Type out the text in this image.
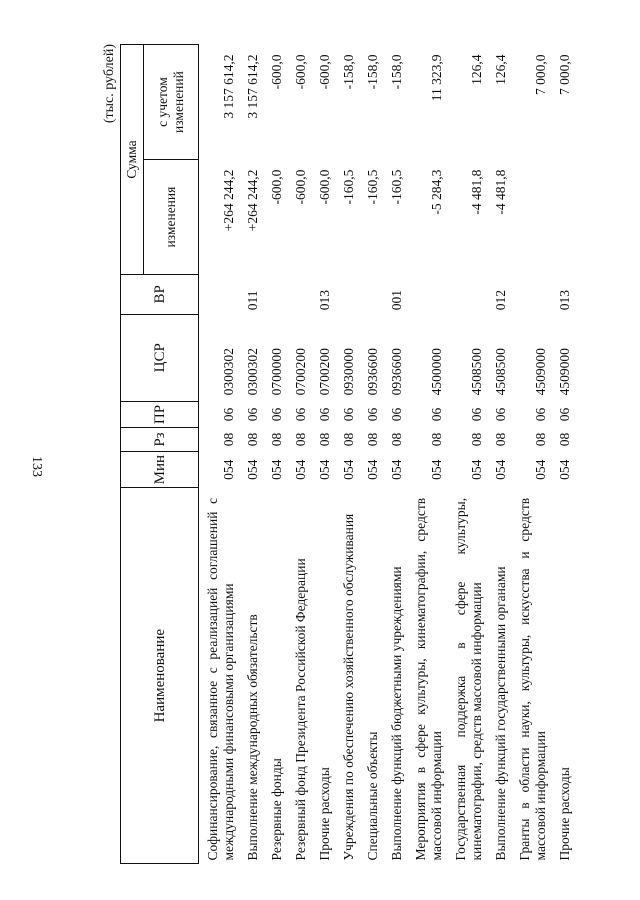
133
(тыс. рублей)
Наименование	Мин	Рз	ПР	ЦСР	ВР	Сумма	
						изменения	с учетом изменений
Софинансирование, связанное с реализацией соглашений с международными финансовыми организациями	054	08	06	0300302		+264 244,2	3 157 614,2
Выполнение международных обязательств	054	08	06	0300302	011	+264 244,2	3 157 614,2
Резервные фонды	054	08	06	0700000		-600,0	-600,0
Резервный фонд Президента Российской Федерации	054	08	06	0700200		-600,0	-600,0
Прочие расходы	054	08	06	0700200	013	-600,0	-600,0
Учреждения по обеспечению хозяйственного обслуживания	054	08	06	0930000		-160,5	-158,0
Специальные объекты	054	08	06	0936600		-160,5	-158,0
Выполнение функций бюджетными учреждениями	054	08	06	0936600	001	-160,5	-158,0
Мероприятия в сфере культуры, кинематографии, средств массовой информации	054	08	06	4500000		-5 284,3	11 323,9
Государственная поддержка в сфере культуры, кинематографии, средств массовой информации	054	08	06	4508500		-4 481,8	126,4
Выполнение функций государственными органами	054	08	06	4508500	012	-4 481,8	126,4
Гранты в области науки, культуры, искусства и средств массовой информации	054	08	06	4509000			7 000,0
Прочие расходы	054	08	06	4509000	013		7 000,0
